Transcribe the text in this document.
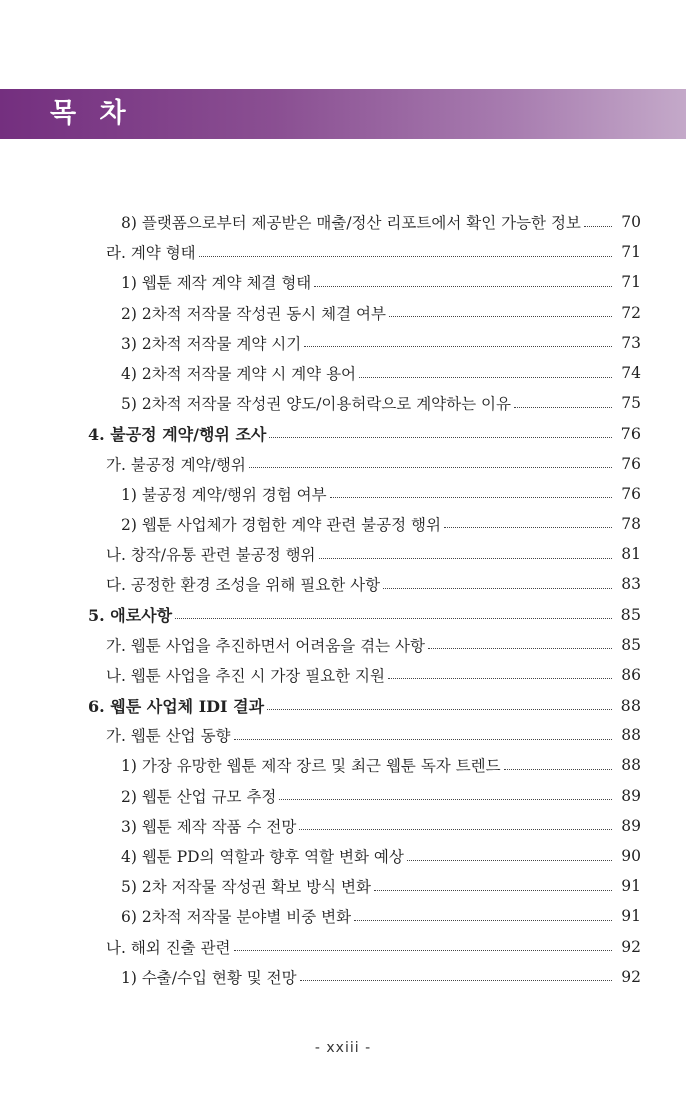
목 차
8) 플랫폼으로부터 제공받은 매출/정산 리포트에서 확인 가능한 정보	70
라. 계약 형태	71
1) 웹툰 제작 계약 체결 형태	71
2) 2차적 저작물 작성권 동시 체결 여부	72
3) 2차적 저작물 계약 시기	73
4) 2차적 저작물 계약 시 계약 용어	74
5) 2차적 저작물 작성권 양도/이용허락으로 계약하는 이유	75
4. 불공정 계약/행위 조사	76
가. 불공정 계약/행위	76
1) 불공정 계약/행위 경험 여부	76
2) 웹툰 사업체가 경험한 계약 관련 불공정 행위	78
나. 창작/유통 관련 불공정 행위	81
다. 공정한 환경 조성을 위해 필요한 사항	83
5. 애로사항	85
가. 웹툰 사업을 추진하면서 어려움을 겪는 사항	85
나. 웹툰 사업을 추진 시 가장 필요한 지원	86
6. 웹툰 사업체 IDI 결과	88
가. 웹툰 산업 동향	88
1) 가장 유망한 웹툰 제작 장르 및 최근 웹툰 독자 트렌드	88
2) 웹툰 산업 규모 추정	89
3) 웹툰 제작 작품 수 전망	89
4) 웹툰 PD의 역할과 향후 역할 변화 예상	90
5) 2차 저작물 작성권 확보 방식 변화	91
6) 2차적 저작물 분야별 비중 변화	91
나. 해외 진출 관련	92
1) 수출/수입 현황 및 전망	92
- xxiii -
